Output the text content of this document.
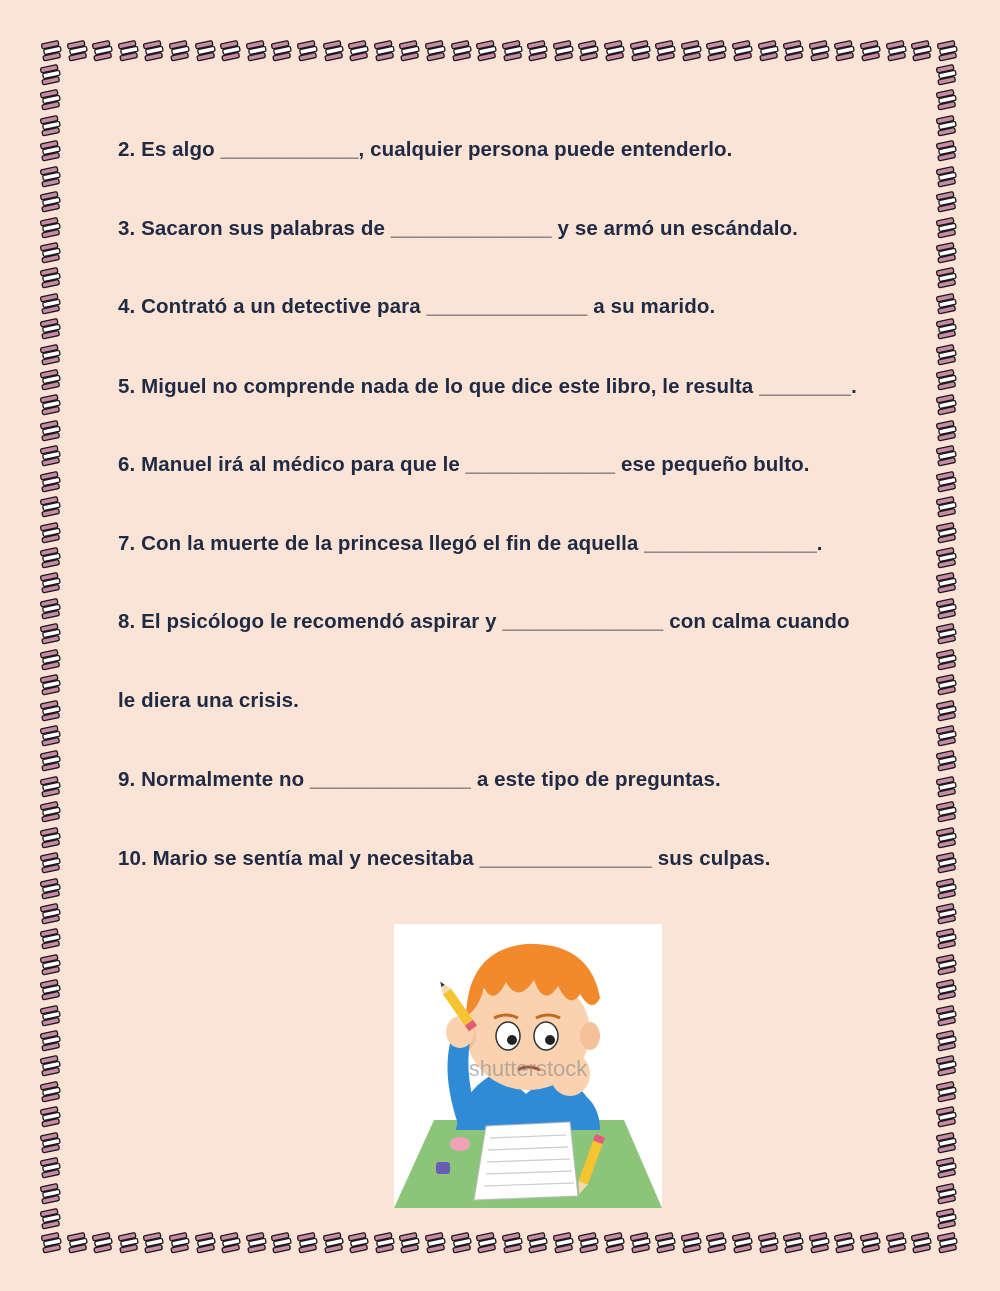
2. Es algo ____________, cualquier persona puede entenderlo.
3. Sacaron sus palabras de ______________ y se armó un escándalo.
4. Contrató a un detective para ______________ a su marido.
5. Miguel no comprende nada de lo que dice este libro, le resulta ________.
6. Manuel irá al médico para que le _____________ ese pequeño bulto.
7. Con la muerte de la princesa llegó el fin de aquella _______________.
8. El psicólogo le recomendó aspirar y ______________ con calma cuando
le diera una crisis.
9. Normalmente no ______________ a este tipo de preguntas.
10. Mario se sentía mal y necesitaba _______________ sus culpas.
shutterstock
